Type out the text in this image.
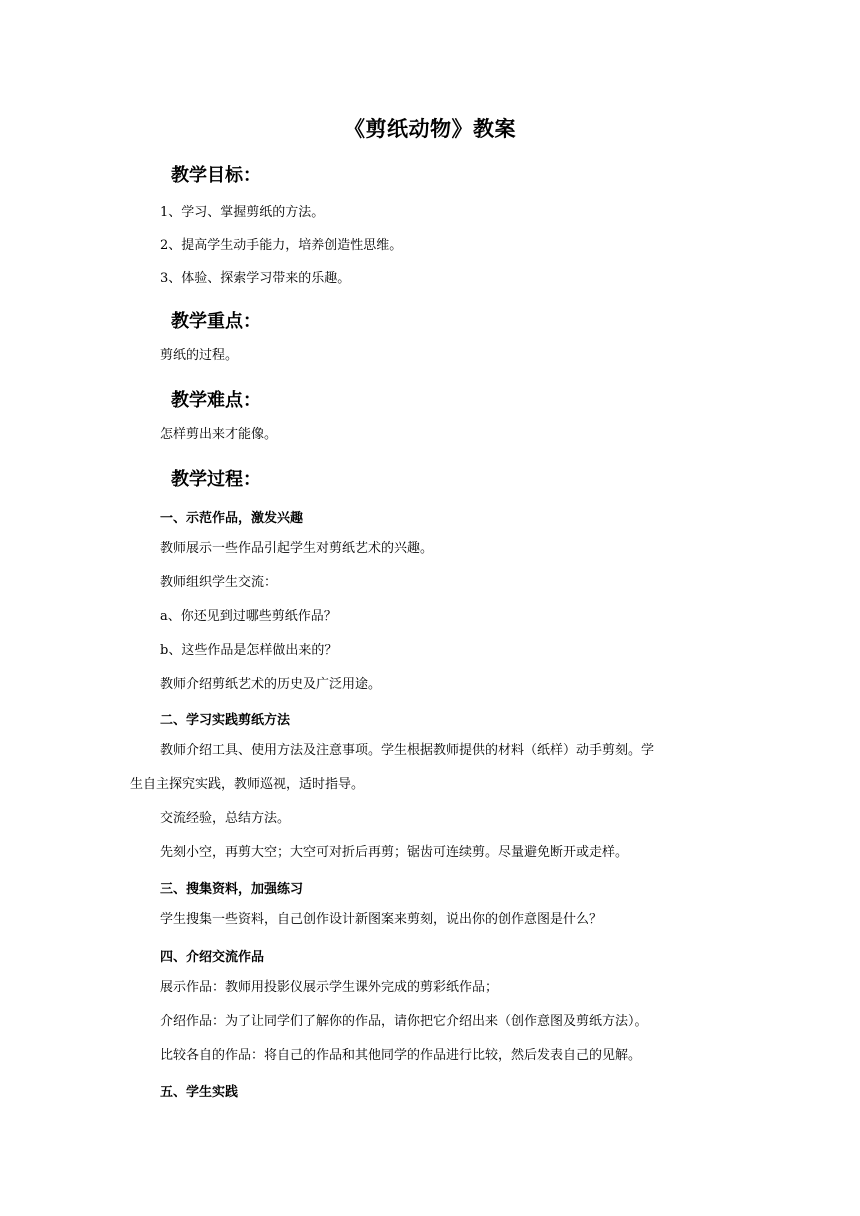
《剪纸动物》教案
教学目标：
1、学习、掌握剪纸的方法。
2、提高学生动手能力，培养创造性思维。
3、体验、探索学习带来的乐趣。
教学重点：
剪纸的过程。
教学难点：
怎样剪出来才能像。
教学过程：
一、示范作品，激发兴趣
教师展示一些作品引起学生对剪纸艺术的兴趣。
教师组织学生交流：
a、你还见到过哪些剪纸作品？
b、这些作品是怎样做出来的？
教师介绍剪纸艺术的历史及广泛用途。
二、学习实践剪纸方法
教师介绍工具、使用方法及注意事项。学生根据教师提供的材料（纸样）动手剪刻。学
生自主探究实践，教师巡视，适时指导。
交流经验，总结方法。
先刻小空，再剪大空；大空可对折后再剪；锯齿可连续剪。尽量避免断开或走样。
三、搜集资料，加强练习
学生搜集一些资料，自己创作设计新图案来剪刻，说出你的创作意图是什么？
四、介绍交流作品
展示作品：教师用投影仪展示学生课外完成的剪彩纸作品；
介绍作品：为了让同学们了解你的作品，请你把它介绍出来（创作意图及剪纸方法）。
比较各自的作品：将自己的作品和其他同学的作品进行比较，然后发表自己的见解。
五、学生实践
